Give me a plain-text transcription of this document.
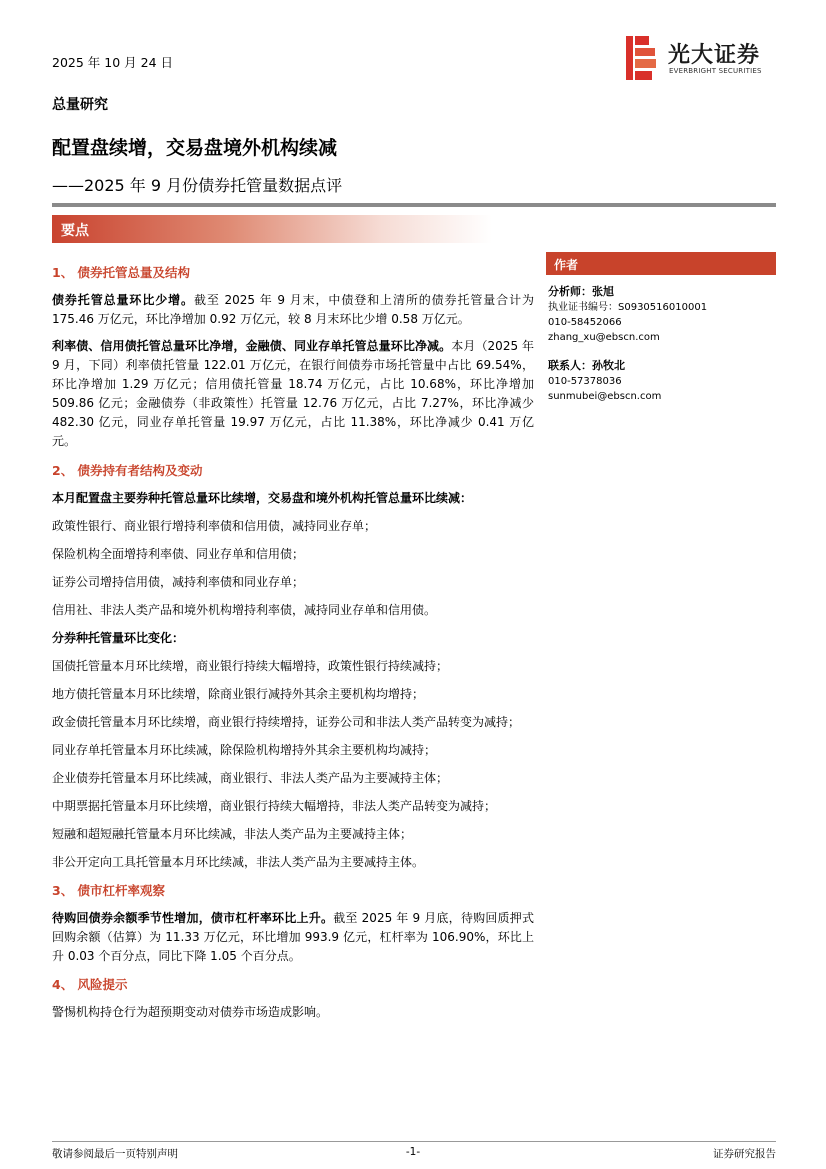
2025 年 10 月 24 日	光大证券
EVERBRIGHT SECURITIES
总量研究
配置盘续增，交易盘境外机构续减
——2025 年 9 月份债券托管量数据点评
要点
1、 债券托管总量及结构
债券托管总量环比少增。截至 2025 年 9 月末，中债登和上清所的债券托管量合计为 175.46 万亿元，环比净增加 0.92 万亿元，较 8 月末环比少增 0.58 万亿元。
利率债、信用债托管总量环比净增，金融债、同业存单托管总量环比净减。本月（2025 年 9 月，下同）利率债托管量 122.01 万亿元，在银行间债券市场托管量中占比 69.54%，环比净增加 1.29 万亿元；信用债托管量 18.74 万亿元，占比 10.68%，环比净增加 509.86 亿元；金融债券（非政策性）托管量 12.76 万亿元，占比 7.27%，环比净减少 482.30 亿元，同业存单托管量 19.97 万亿元，占比 11.38%，环比净减少 0.41 万亿元。
2、 债券持有者结构及变动
本月配置盘主要券种托管总量环比续增，交易盘和境外机构托管总量环比续减：
政策性银行、商业银行增持利率债和信用债，减持同业存单；
保险机构全面增持利率债、同业存单和信用债；
证券公司增持信用债，减持利率债和同业存单；
信用社、非法人类产品和境外机构增持利率债，减持同业存单和信用债。
分券种托管量环比变化：
国债托管量本月环比续增，商业银行持续大幅增持，政策性银行持续减持；
地方债托管量本月环比续增，除商业银行减持外其余主要机构均增持；
政金债托管量本月环比续增，商业银行持续增持，证券公司和非法人类产品转变为减持；
同业存单托管量本月环比续减，除保险机构增持外其余主要机构均减持；
企业债券托管量本月环比续减，商业银行、非法人类产品为主要减持主体；
中期票据托管量本月环比续增，商业银行持续大幅增持，非法人类产品转变为减持；
短融和超短融托管量本月环比续减，非法人类产品为主要减持主体；
非公开定向工具托管量本月环比续减，非法人类产品为主要减持主体。
3、 债市杠杆率观察
待购回债券余额季节性增加，债市杠杆率环比上升。截至 2025 年 9 月底，待购回质押式回购余额（估算）为 11.33 万亿元，环比增加 993.9 亿元，杠杆率为 106.90%，环比上升 0.03 个百分点，同比下降 1.05 个百分点。
4、 风险提示
警惕机构持仓行为超预期变动对债券市场造成影响。
作者
分析师：张旭
执业证书编号：S0930516010001
010-58452066
zhang_xu@ebscn.com
联系人：孙牧北
010-57378036
sunmubei@ebscn.com
敬请参阅最后一页特别声明	-1-	证券研究报告
